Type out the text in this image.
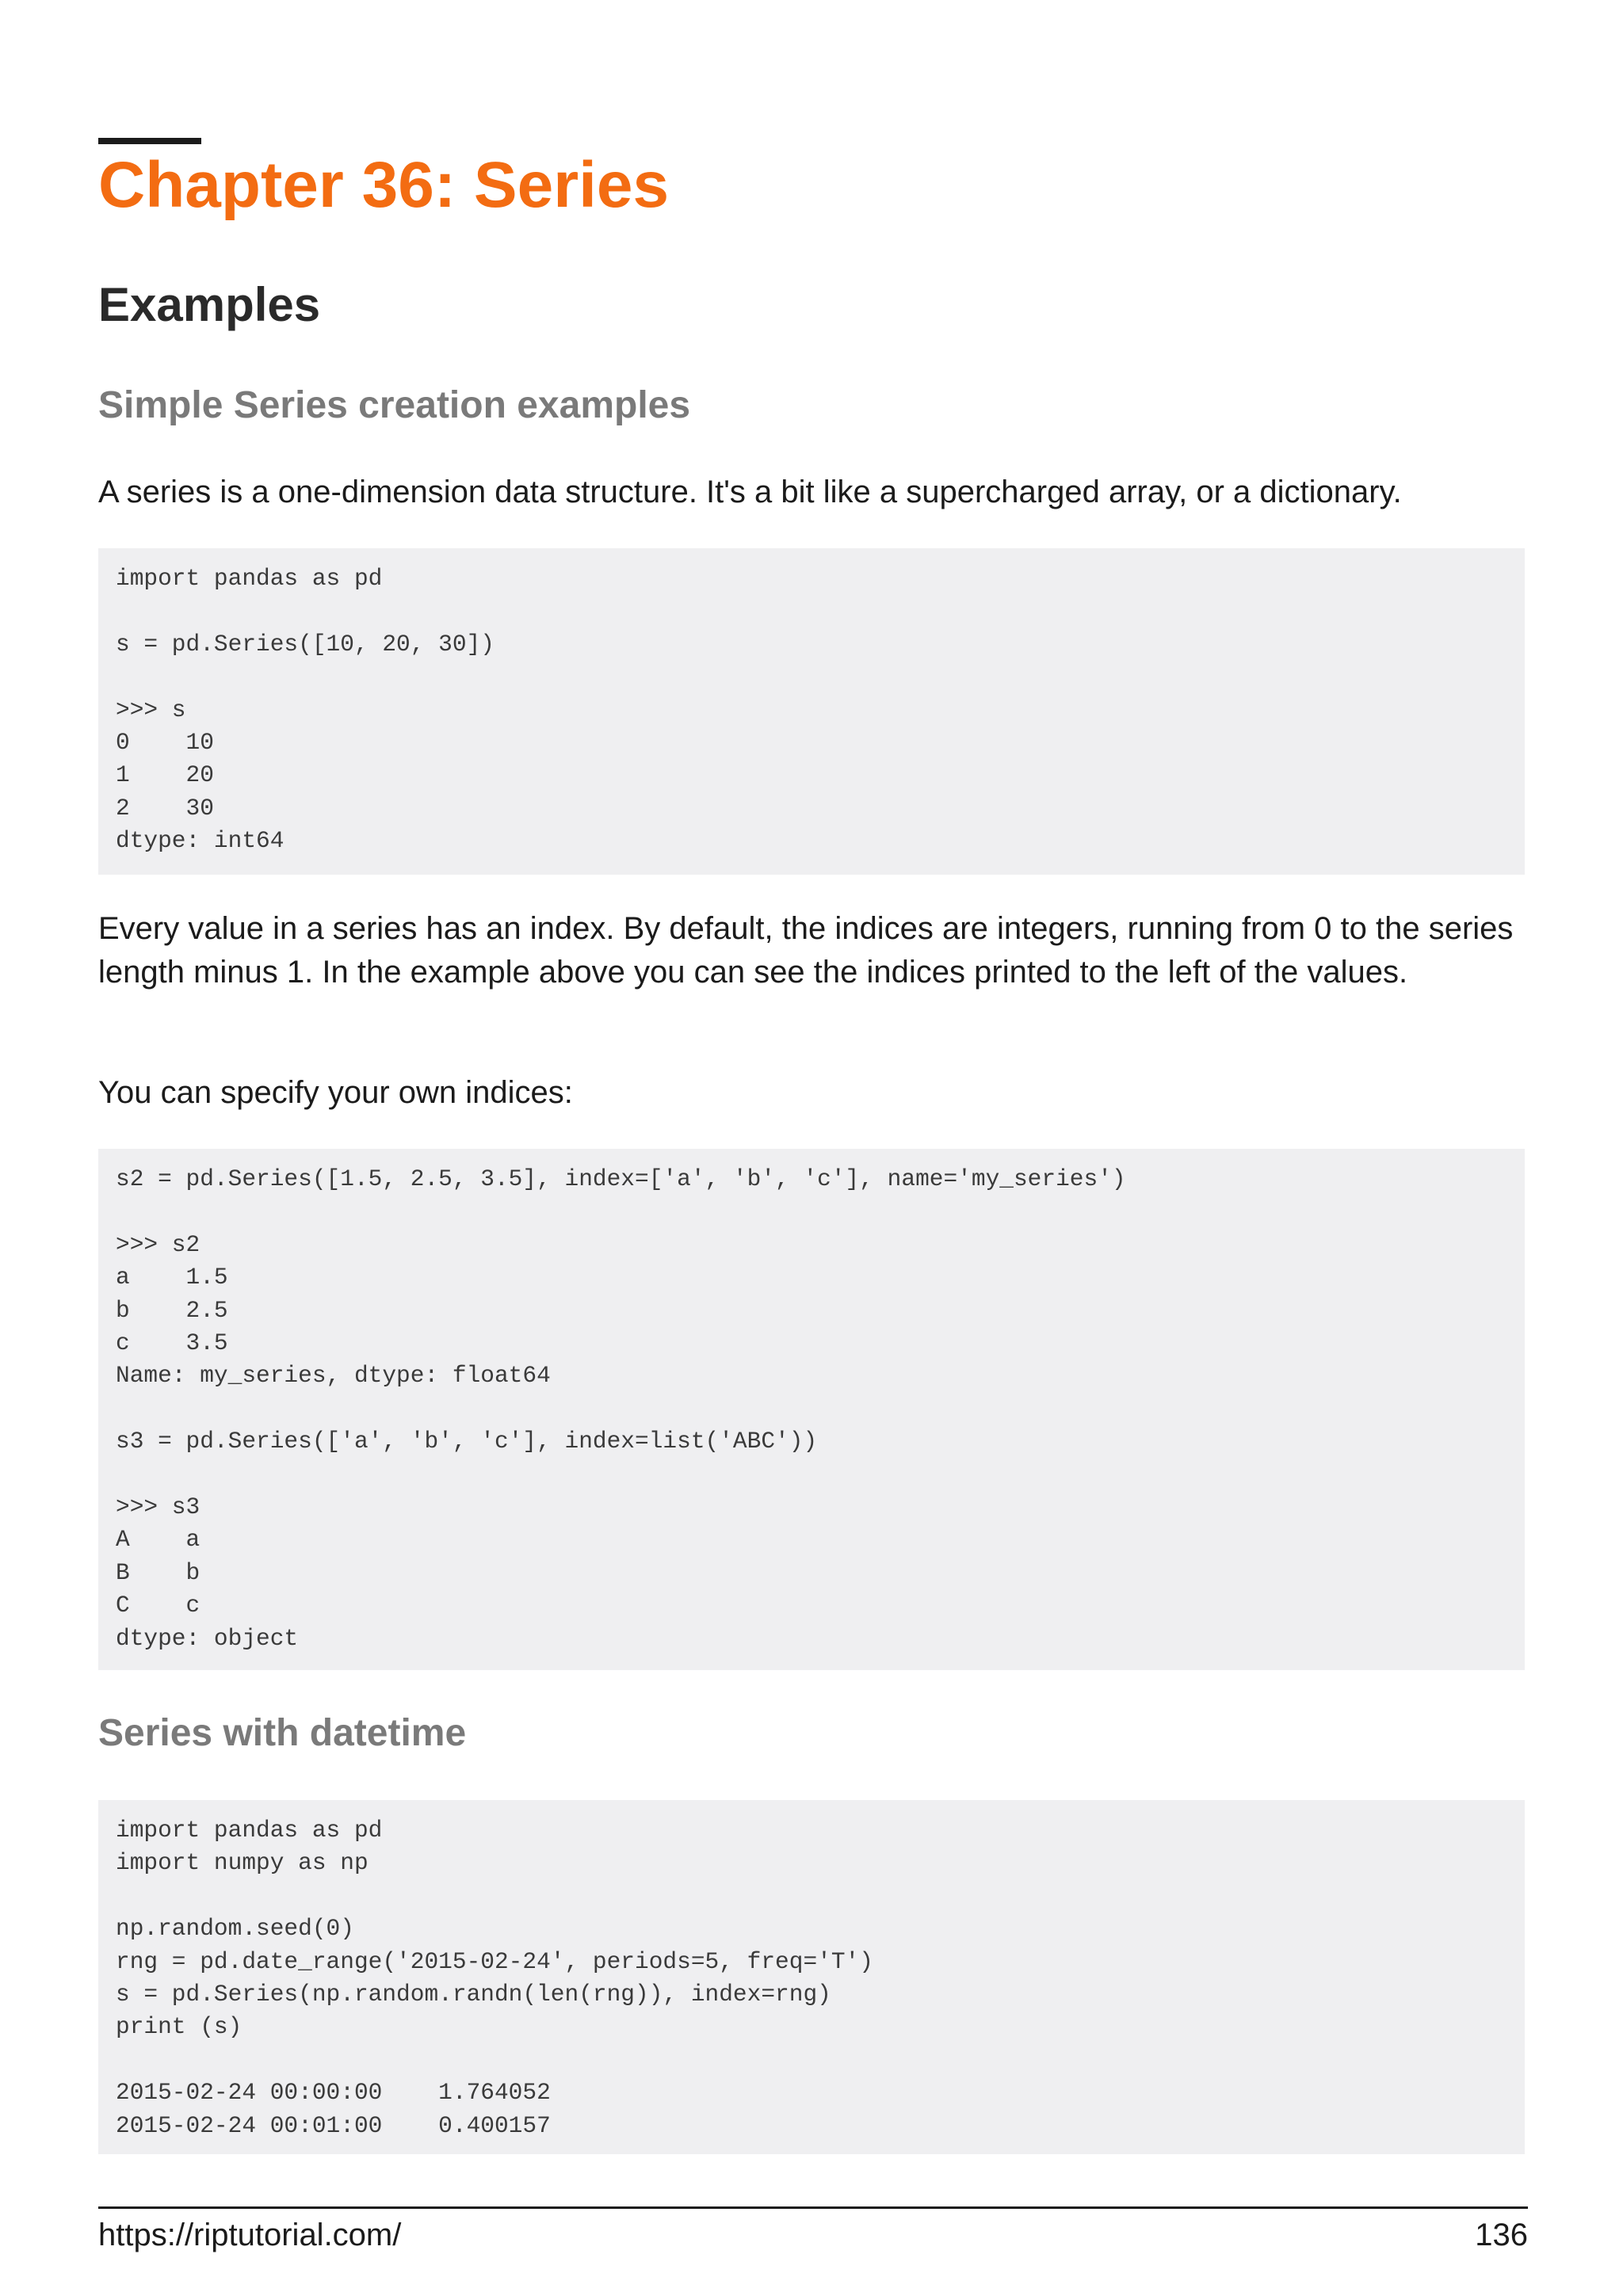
Chapter 36: Series
Examples
Simple Series creation examples

A series is a one-dimension data structure. It's a bit like a supercharged array, or a dictionary.

import pandas as pd

s = pd.Series([10, 20, 30])

>>> s
0    10
1    20
2    30
dtype: int64

Every value in a series has an index. By default, the indices are integers, running from 0 to the series length minus 1. In the example above you can see the indices printed to the left of the values.

You can specify your own indices:

s2 = pd.Series([1.5, 2.5, 3.5], index=['a', 'b', 'c'], name='my_series')

>>> s2
a    1.5
b    2.5
c    3.5
Name: my_series, dtype: float64

s3 = pd.Series(['a', 'b', 'c'], index=list('ABC'))

>>> s3
A    a
B    b
C    c
dtype: object
Series with datetime
import pandas as pd
import numpy as np

np.random.seed(0)
rng = pd.date_range('2015-02-24', periods=5, freq='T')
s = pd.Series(np.random.randn(len(rng)), index=rng)
print (s)

2015-02-24 00:00:00    1.764052
2015-02-24 00:01:00    0.400157
https://riptutorial.com/	136
